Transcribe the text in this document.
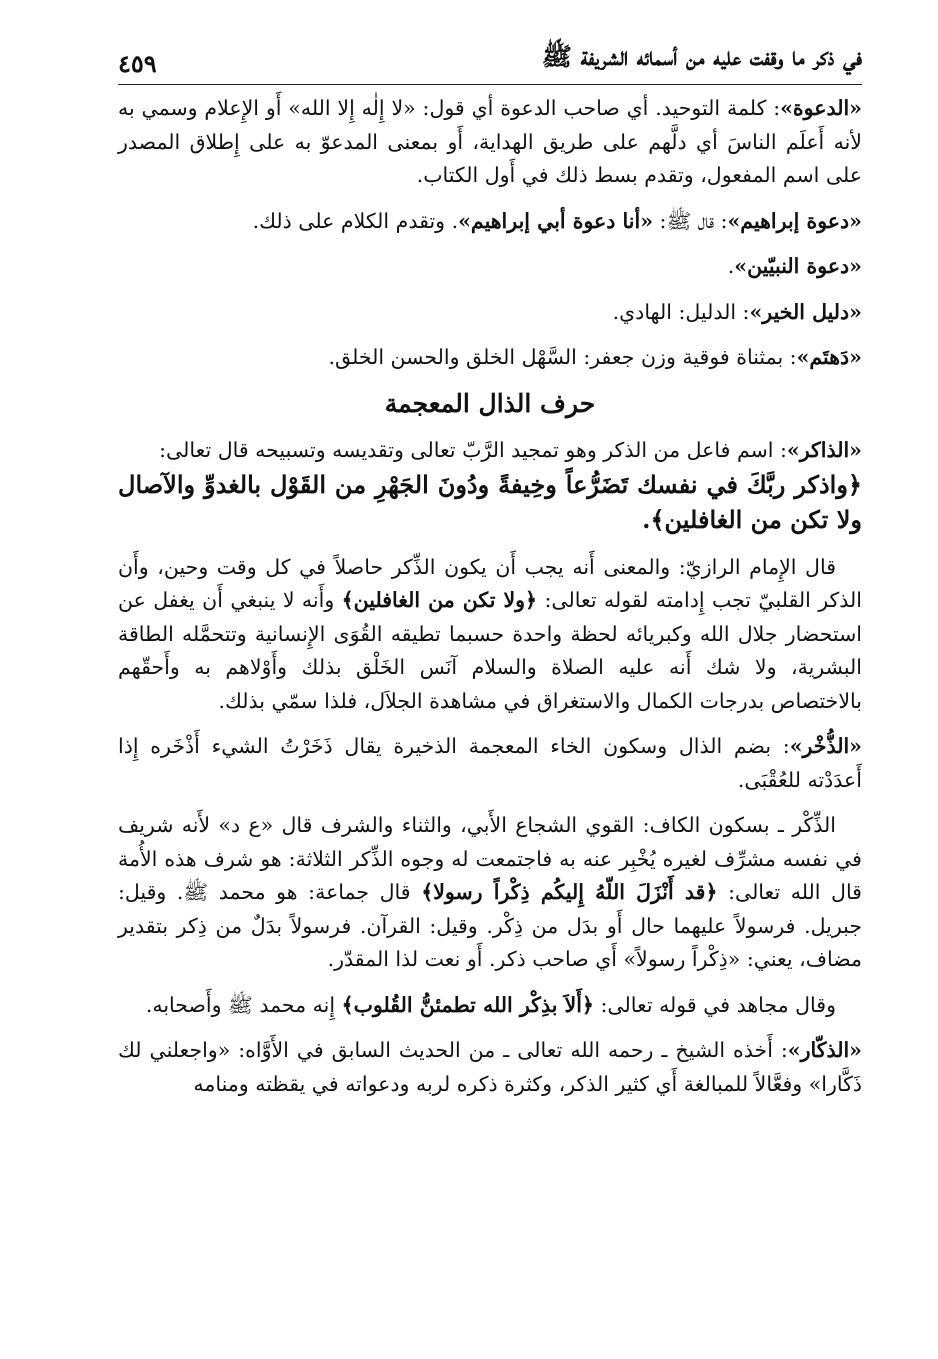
في ذكر ما وقفت عليه من أسمائه الشريفة ﷺ
٤٥٩

«الدعوة»: كلمة التوحيد. أي صاحب الدعوة أي قول: «لا إِلٰه إِلا الله» أَو الإِعلام وسمي به لأنه أَعلَم الناسَ أي دلَّهم على طريق الهداية، أَو بمعنى المدعوّ به على إِطلاق المصدر على اسم المفعول، وتقدم بسط ذلك في أَول الكتاب.

«دعوة إبراهيم»: قال ﷺ: «أنا دعوة أبي إبراهيم». وتقدم الكلام على ذلك.

«دعوة النبيّين».

«دليل الخير»: الدليل: الهادي.

«دَهتَم»: بمثناة فوقية وزن جعفر: السَّهْل الخلق والحسن الخلق.

حرف الذال المعجمة

«الذاكر»: اسم فاعل من الذكر وهو تمجيد الرَّبّ تعالى وتقديسه وتسبيحه قال تعالى:
﴿واذكر ربَّكَ في نفسك تَضَرُّعاً وخِيفةً ودُونَ الجَهْرِ من القَوْل بالغدوِّ والآصال ولا تكن من الغافلين﴾.

قال الإِمام الرازيّ: والمعنى أَنه يجب أَن يكون الذِّكر حاصلاً في كل وقت وحين، وأَن الذكر القلبيّ تجب إِدامته لقوله تعالى: ﴿ولا تكن من الغافلين﴾ وأَنه لا ينبغي أَن يغفل عن استحضار جلال الله وكبريائه لحظة واحدة حسبما تطيقه القُوَى الإِنسانية وتتحمَّله الطاقة البشرية، ولا شك أَنه عليه الصلاة والسلام آنَس الخَلْق بذلك وأَوْلاهم به وأَحقّهم بالاختصاص بدرجات الكمال والاستغراق في مشاهدة الجلاَل، فلذا سمّي بذلك.

«الذُّخْر»: بضم الذال وسكون الخاء المعجمة الذخيرة يقال ذَخَرْتُ الشيء أَذْخَره إِذا أَعدَدْته للعُقْبَى.

الذِّكْر ـ بسكون الكاف: القوي الشجاع الأَبي، والثناء والشرف قال «ع د» لأَنه شريف في نفسه مشرِّف لغيره يُخْبِر عنه به فاجتمعت له وجوه الذِّكر الثلاثة: هو شرف هذه الأُمة قال الله تعالى: ﴿قد أَنْزَلَ اللّهُ إِليكُم ذِكْراً رسولا﴾ قال جماعة: هو محمد ﷺ. وقيل: جبريل. فرسولاً عليهما حال أَو بدَل من ذِكْر. وقيل: القرآن. فرسولاً بدَلٌ من ذِكر بتقدير مضاف، يعني: «ذِكْراً رسولاً» أَي صاحب ذكر. أَو نعت لذا المقدّر.

وقال مجاهد في قوله تعالى: ﴿أَلاَ بذِكْر الله تطمئنُّ القُلوب﴾ إِنه محمد ﷺ وأَصحابه.

«الذكّار»: أَخذه الشيخ ـ رحمه الله تعالى ـ من الحديث السابق في الأَوَّاه: «واجعلني لك ذَكَّارا» وفعَّالاً للمبالغة أَي كثير الذكر، وكثرة ذكره لربه ودعواته في يقظته ومنامه
